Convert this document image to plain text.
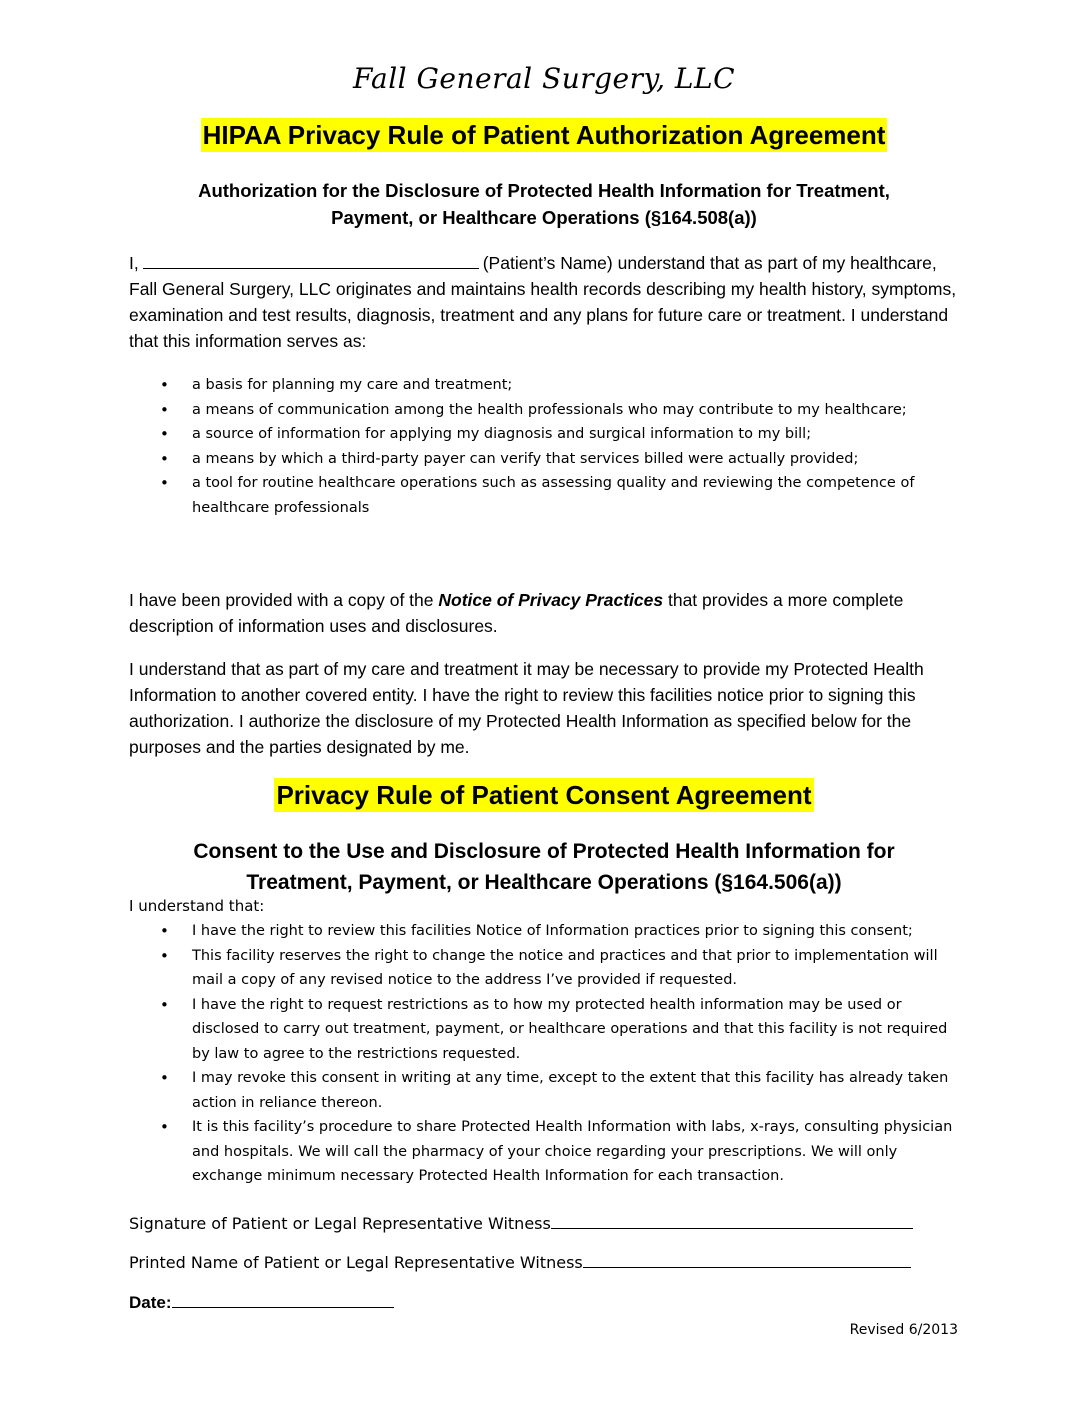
Fall General Surgery, LLC
HIPAA Privacy Rule of Patient Authorization Agreement
Authorization for the Disclosure of Protected Health Information for Treatment,
Payment, or Healthcare Operations (§164.508(a))
I,	(Patient’s Name) understand that as part of my healthcare, Fall General Surgery, LLC originates and maintains health records describing my health history, symptoms, examination and test results, diagnosis, treatment and any plans for future care or treatment. I understand that this information serves as:
• a basis for planning my care and treatment;
• a means of communication among the health professionals who may contribute to my healthcare;
• a source of information for applying my diagnosis and surgical information to my bill;
• a means by which a third-party payer can verify that services billed were actually provided;
• a tool for routine healthcare operations such as assessing quality and reviewing the competence of healthcare professionals
I have been provided with a copy of the Notice of Privacy Practices that provides a more complete description of information uses and disclosures.
I understand that as part of my care and treatment it may be necessary to provide my Protected Health Information to another covered entity. I have the right to review this facilities notice prior to signing this authorization. I authorize the disclosure of my Protected Health Information as specified below for the purposes and the parties designated by me.
Privacy Rule of Patient Consent Agreement
Consent to the Use and Disclosure of Protected Health Information for
Treatment, Payment, or Healthcare Operations (§164.506(a))
I understand that:
• I have the right to review this facilities Notice of Information practices prior to signing this consent;
• This facility reserves the right to change the notice and practices and that prior to implementation will mail a copy of any revised notice to the address I’ve provided if requested.
• I have the right to request restrictions as to how my protected health information may be used or disclosed to carry out treatment, payment, or healthcare operations and that this facility is not required by law to agree to the restrictions requested.
• I may revoke this consent in writing at any time, except to the extent that this facility has already taken action in reliance thereon.
• It is this facility’s procedure to share Protected Health Information with labs, x-rays, consulting physician and hospitals. We will call the pharmacy of your choice regarding your prescriptions. We will only exchange minimum necessary Protected Health Information for each transaction.
Signature of Patient or Legal Representative Witness
Printed Name of Patient or Legal Representative Witness
Date:
Revised 6/2013
